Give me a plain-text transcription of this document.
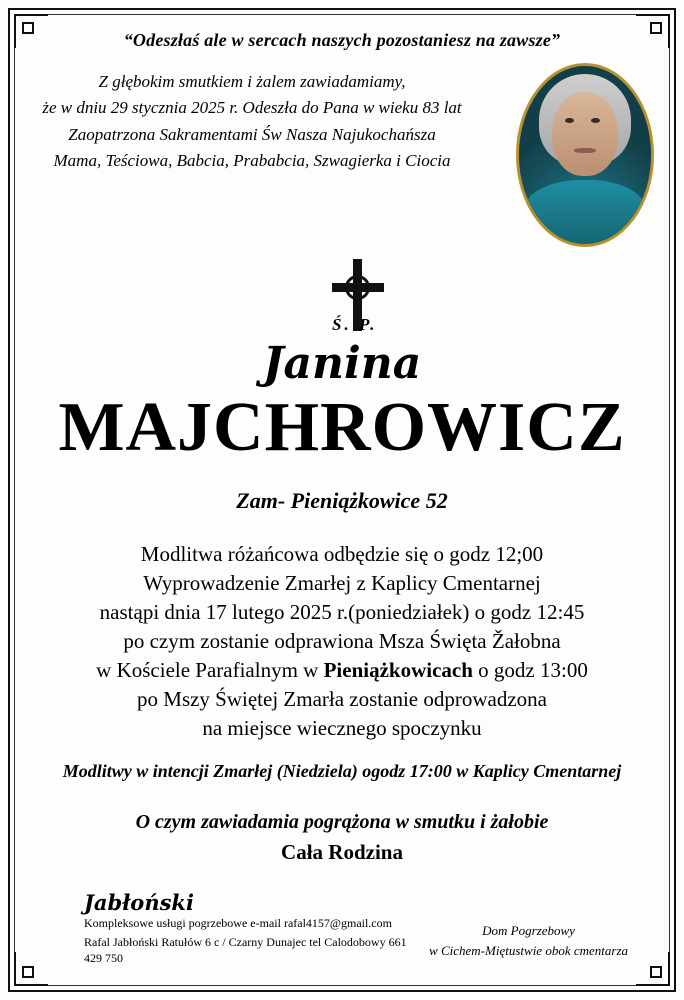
“Odeszłaś ale w sercach naszych pozostaniesz na zawsze”
Z głębokim smutkiem i żalem zawiadamiamy,
że w dniu 29 stycznia 2025 r. Odeszła do Pana w wieku 83 lat
Zaopatrzona Sakramentami Św Nasza Najukochańsza
Mama, Teściowa, Babcia, Prababcia, Szwagierka i Ciocia
Ś. P.
Janina
MAJCHROWICZ
Zam- Pieniążkowice 52
Modlitwa różańcowa odbędzie się o godz 12;00
Wyprowadzenie Zmarłej z Kaplicy Cmentarnej
nastąpi dnia 17 lutego 2025 r.(poniedziałek) o godz 12:45
po czym zostanie odprawiona Msza Święta Žałobna
w Kościele Parafialnym w Pieniążkowicach o godz 13:00
po Mszy Świętej Zmarła zostanie odprowadzona
na miejsce wiecznego spoczynku
Modlitwy w intencji Zmarłej (Niedziela) ogodz 17:00 w Kaplicy Cmentarnej
O czym zawiadamia pogrążona w smutku i żałobie
Cała Rodzina
Jabłoński
Kompleksowe usługi pogrzebowe e-mail rafal4157@gmail.com
Rafal Jabłoński Ratułów 6 c / Czarny Dunajec tel Calodobowy 661 429 750
Dom Pogrzebowy
w Cichem-Miętustwie obok cmentarza
